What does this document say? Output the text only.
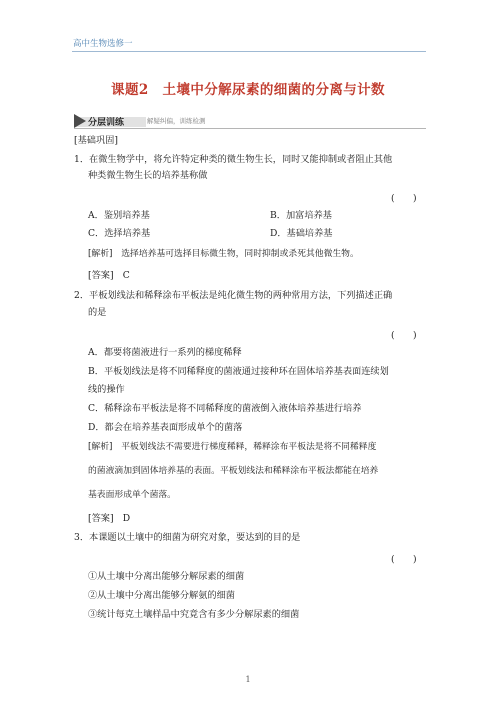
高中生物选修一
课题2　土壤中分解尿素的细菌的分离与计数
分层训练	解疑纠偏，训练检测
[基础巩固]
1．在微生物学中，将允许特定种类的微生物生长，同时又能抑制或者阻止其他
种类微生物生长的培养基称做
(　　)
A．鉴别培养基	B．加富培养基
C．选择培养基	D．基础培养基
[解析]　选择培养基可选择目标微生物，同时抑制或杀死其他微生物。
[答案]　C
2．平板划线法和稀释涂布平板法是纯化微生物的两种常用方法，下列描述正确
的是
(　　)
A．都要将菌液进行一系列的梯度稀释
B．平板划线法是将不同稀释度的菌液通过接种环在固体培养基表面连续划
线的操作
C．稀释涂布平板法是将不同稀释度的菌液倒入液体培养基进行培养
D．都会在培养基表面形成单个的菌落
[解析]　平板划线法不需要进行梯度稀释，稀释涂布平板法是将不同稀释度
的菌液滴加到固体培养基的表面。平板划线法和稀释涂布平板法都能在培养
基表面形成单个菌落。
[答案]　D
3．本课题以土壤中的细菌为研究对象，要达到的目的是
(　　)
①从土壤中分离出能够分解尿素的细菌
②从土壤中分离出能够分解氨的细菌
③统计每克土壤样品中究竟含有多少分解尿素的细菌
1
